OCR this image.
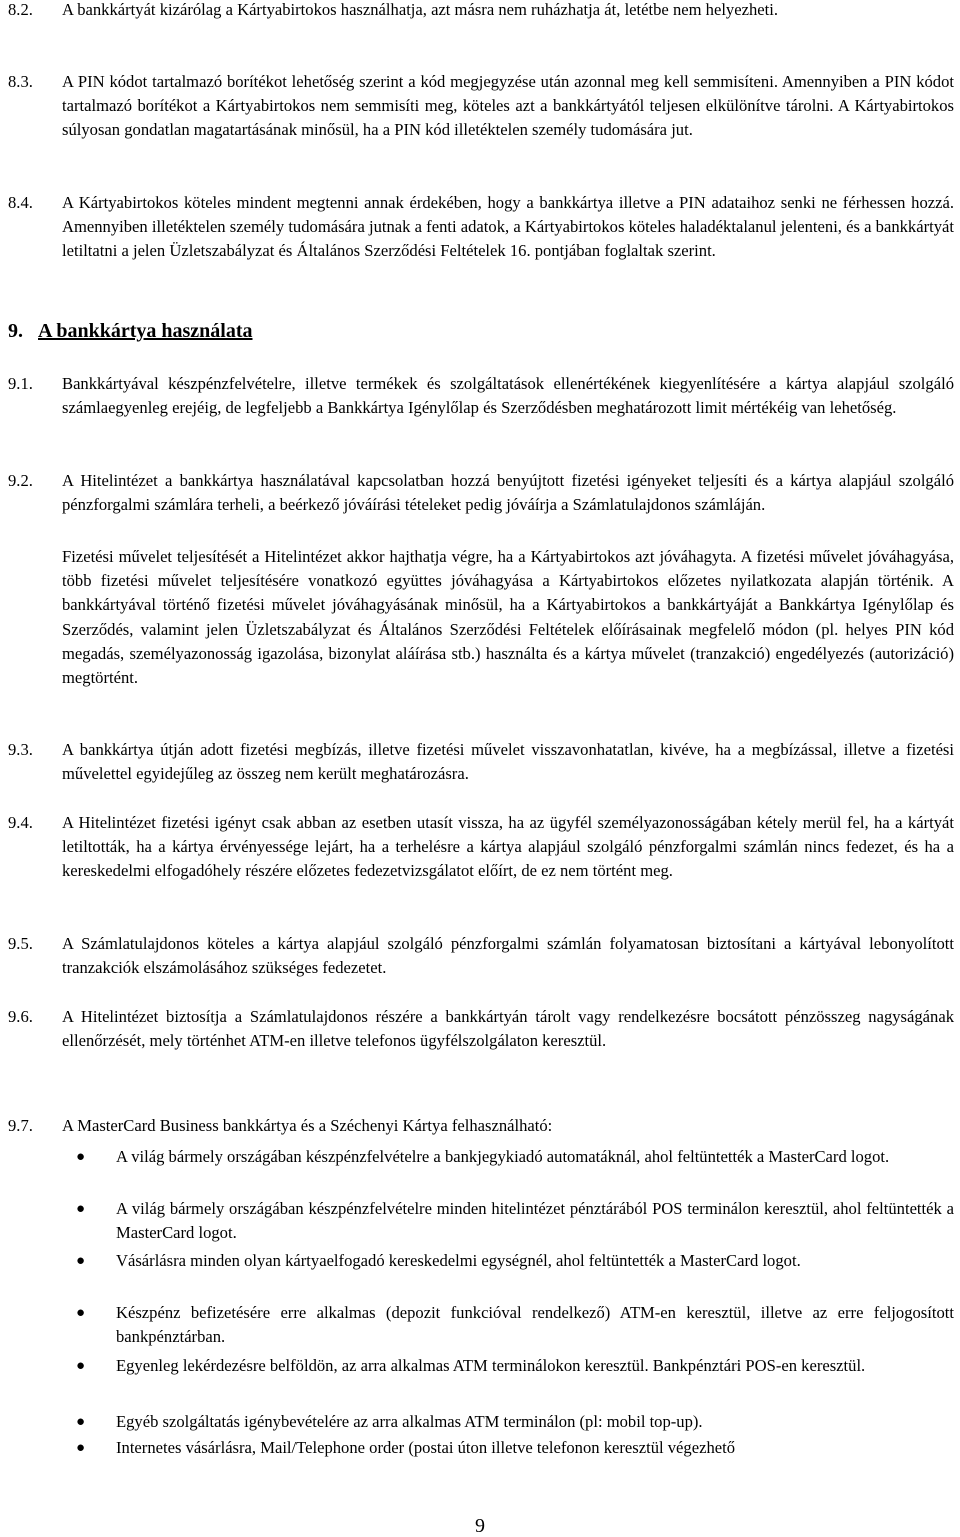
8.2.	A bankkártyát kizárólag a Kártyabirtokos használhatja, azt másra nem ruházhatja át, letétbe nem helyezheti.
8.3.	A PIN kódot tartalmazó borítékot lehetőség szerint a kód megjegyzése után azonnal meg kell semmisíteni. Amennyiben a PIN kódot tartalmazó borítékot a Kártyabirtokos nem semmisíti meg, köteles azt a bankkártyától teljesen elkülönítve tárolni. A Kártyabirtokos súlyosan gondatlan magatartásának minősül, ha a PIN kód illetéktelen személy tudomására jut.
8.4.	A Kártyabirtokos köteles mindent megtenni annak érdekében, hogy a bankkártya illetve a PIN adataihoz senki ne férhessen hozzá. Amennyiben illetéktelen személy tudomására jutnak a fenti adatok, a Kártyabirtokos köteles haladéktalanul jelenteni, és a bankkártyát letiltatni a jelen Üzletszabályzat és Általános Szerződési Feltételek 16. pontjában foglaltak szerint.
9. A bankkártya használata
9.1.	Bankkártyával készpénzfelvételre, illetve termékek és szolgáltatások ellenértékének kiegyenlítésére a kártya alapjául szolgáló számlaegyenleg erejéig, de legfeljebb a Bankkártya Igénylőlap és Szerződésben meghatározott limit mértékéig van lehetőség.
9.2.	A Hitelintézet a bankkártya használatával kapcsolatban hozzá benyújtott fizetési igényeket teljesíti és a kártya alapjául szolgáló pénzforgalmi számlára terheli, a beérkező jóváírási tételeket pedig jóváírja a Számlatulajdonos számláján.
Fizetési művelet teljesítését a Hitelintézet akkor hajthatja végre, ha a Kártyabirtokos azt jóváhagyta. A fizetési művelet jóváhagyása, több fizetési művelet teljesítésére vonatkozó együttes jóváhagyása a Kártyabirtokos előzetes nyilatkozata alapján történik. A bankkártyával történő fizetési művelet jóváhagyásának minősül, ha a Kártyabirtokos a bankkártyáját a Bankkártya Igénylőlap és Szerződés, valamint jelen Üzletszabályzat és Általános Szerződési Feltételek előírásainak megfelelő módon (pl. helyes PIN kód megadás, személyazonosság igazolása, bizonylat aláírása stb.) használta és a kártya művelet (tranzakció) engedélyezés (autorizáció) megtörtént.
9.3.	A bankkártya útján adott fizetési megbízás, illetve fizetési művelet visszavonhatatlan, kivéve, ha a megbízással, illetve a fizetési művelettel egyidejűleg az összeg nem került meghatározásra.
9.4.	A Hitelintézet fizetési igényt csak abban az esetben utasít vissza, ha az ügyfél személyazonosságában kétely merül fel, ha a kártyát letiltották, ha a kártya érvényessége lejárt, ha a terhelésre a kártya alapjául szolgáló pénzforgalmi számlán nincs fedezet, és ha a kereskedelmi elfogadóhely részére előzetes fedezetvizsgálatot előírt, de ez nem történt meg.
9.5.	A Számlatulajdonos köteles a kártya alapjául szolgáló pénzforgalmi számlán folyamatosan biztosítani a kártyával lebonyolított tranzakciók elszámolásához szükséges fedezetet.
9.6.	A Hitelintézet biztosítja a Számlatulajdonos részére a bankkártyán tárolt vagy rendelkezésre bocsátott pénzösszeg nagyságának ellenőrzését, mely történhet ATM-en illetve telefonos ügyfélszolgálaton keresztül.
9.7.	A MasterCard Business bankkártya és a Széchenyi Kártya felhasználható:
● A világ bármely országában készpénzfelvételre a bankjegykiadó automatáknál, ahol feltüntették a MasterCard logot.
● A világ bármely országában készpénzfelvételre minden hitelintézet pénztárából POS terminálon keresztül, ahol feltüntették a MasterCard logot.
● Vásárlásra minden olyan kártyaelfogadó kereskedelmi egységnél, ahol feltüntették a MasterCard logot.
● Készpénz befizetésére erre alkalmas (depozit funkcióval rendelkező) ATM-en keresztül, illetve az erre feljogosított bankpénztárban.
● Egyenleg lekérdezésre belföldön, az arra alkalmas ATM terminálokon keresztül. Bankpénztári POS-en keresztül.
● Egyéb szolgáltatás igénybevételére az arra alkalmas ATM terminálon (pl: mobil top-up).
● Internetes vásárlásra, Mail/Telephone order (postai úton illetve telefonon keresztül végezhető
9
